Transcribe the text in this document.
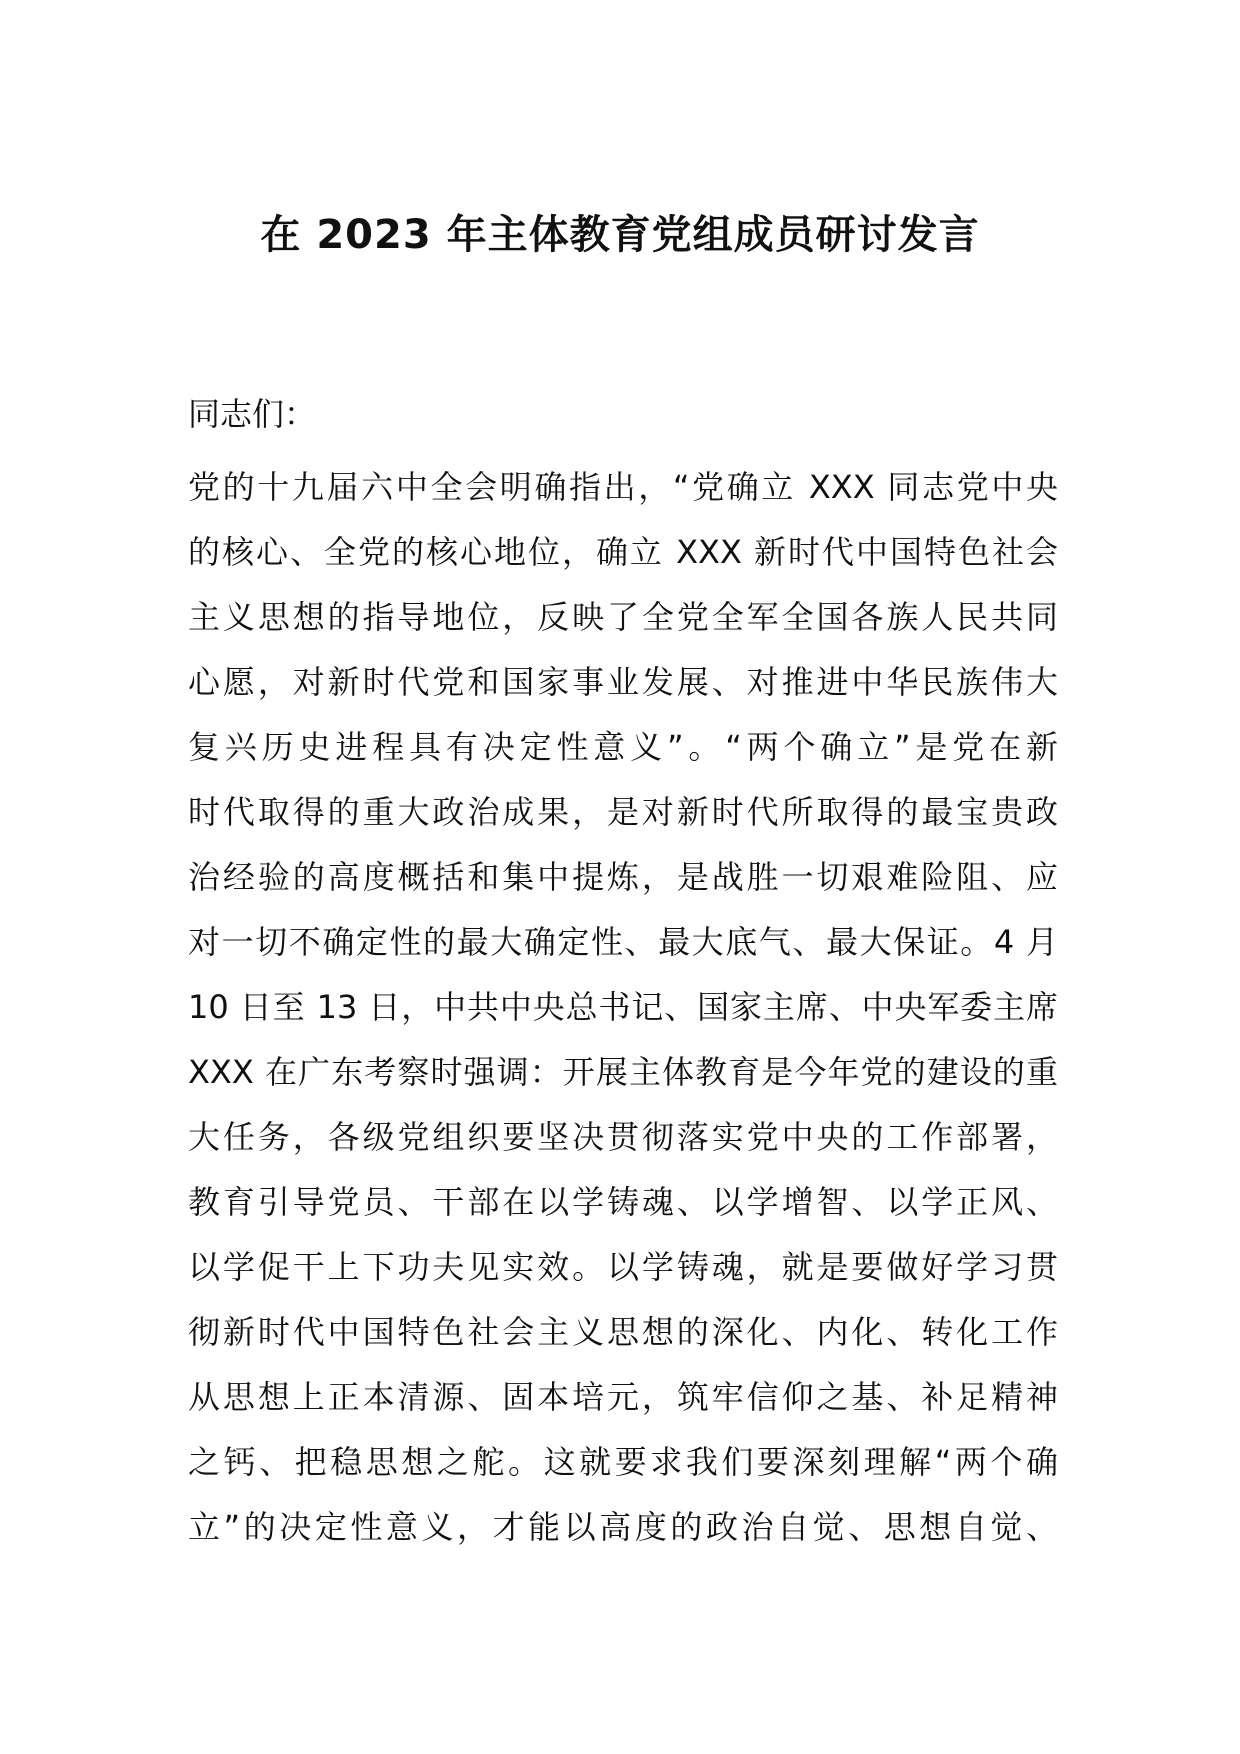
在 2023 年主体教育党组成员研讨发言

同志们：

党的十九届六中全会明确指出，“党确立 XXX 同志党中央
的核心、全党的核心地位，确立 XXX 新时代中国特色社会
主义思想的指导地位，反映了全党全军全国各族人民共同
心愿，对新时代党和国家事业发展、对推进中华民族伟大
复兴历史进程具有决定性意义”。“两个确立”是党在新
时代取得的重大政治成果，是对新时代所取得的最宝贵政
治经验的高度概括和集中提炼，是战胜一切艰难险阻、应
对一切不确定性的最大确定性、最大底气、最大保证。4 月
10 日至 13 日，中共中央总书记、国家主席、中央军委主席
XXX 在广东考察时强调：开展主体教育是今年党的建设的重
大任务，各级党组织要坚决贯彻落实党中央的工作部署，
教育引导党员、干部在以学铸魂、以学增智、以学正风、
以学促干上下功夫见实效。以学铸魂，就是要做好学习贯
彻新时代中国特色社会主义思想的深化、内化、转化工作
从思想上正本清源、固本培元，筑牢信仰之基、补足精神
之钙、把稳思想之舵。这就要求我们要深刻理解“两个确
立”的决定性意义，才能以高度的政治自觉、思想自觉、
